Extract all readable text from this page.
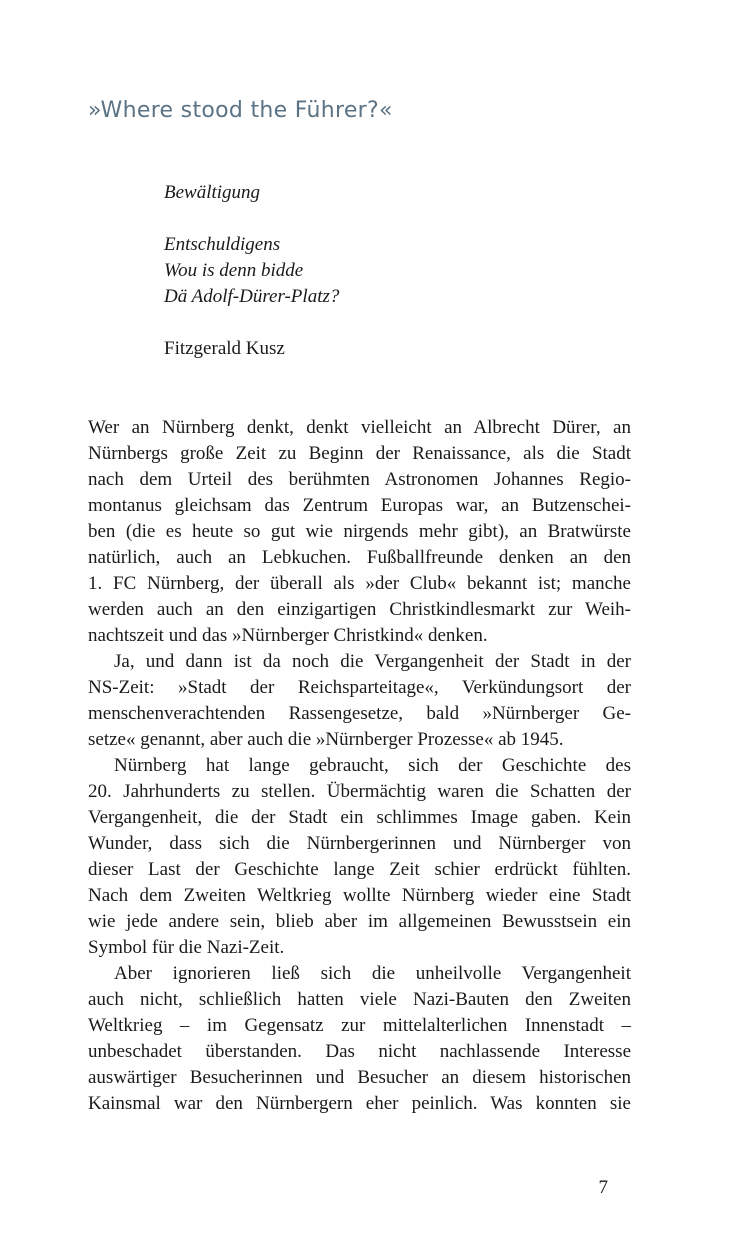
»Where stood the Führer?«

Bewältigung

Entschuldigens

Wou is denn bidde

Dä Adolf-Dürer-Platz?

Fitzgerald Kusz

Wer an Nürnberg denkt, denkt vielleicht an Albrecht Dürer, an
Nürnbergs große Zeit zu Beginn der Renaissance, als die Stadt
nach dem Urteil des berühmten Astronomen Johannes Regio-
montanus gleichsam das Zentrum Europas war, an Butzenschei-
ben (die es heute so gut wie nirgends mehr gibt), an Bratwürste
natürlich, auch an Lebkuchen. Fußballfreunde denken an den
1. FC Nürnberg, der überall als »der Club« bekannt ist; manche
werden auch an den einzigartigen Christkindlesmarkt zur Weih-
nachtszeit und das »Nürnberger Christkind« denken.
Ja, und dann ist da noch die Vergangenheit der Stadt in der
NS-Zeit: »Stadt der Reichsparteitage«, Verkündungsort der
menschenverachtenden Rassengesetze, bald »Nürnberger Ge-
setze« genannt, aber auch die »Nürnberger Prozesse« ab 1945.
Nürnberg hat lange gebraucht, sich der Geschichte des
20. Jahrhunderts zu stellen. Übermächtig waren die Schatten der
Vergangenheit, die der Stadt ein schlimmes Image gaben. Kein
Wunder, dass sich die Nürnbergerinnen und Nürnberger von
dieser Last der Geschichte lange Zeit schier erdrückt fühlten.
Nach dem Zweiten Weltkrieg wollte Nürnberg wieder eine Stadt
wie jede andere sein, blieb aber im allgemeinen Bewusstsein ein
Symbol für die Nazi-Zeit.
Aber ignorieren ließ sich die unheilvolle Vergangenheit
auch nicht, schließlich hatten viele Nazi-Bauten den Zweiten
Weltkrieg – im Gegensatz zur mittelalterlichen Innenstadt –
unbeschadet überstanden. Das nicht nachlassende Interesse
auswärtiger Besucherinnen und Besucher an diesem historischen
Kainsmal war den Nürnbergern eher peinlich. Was konnten sie
7
